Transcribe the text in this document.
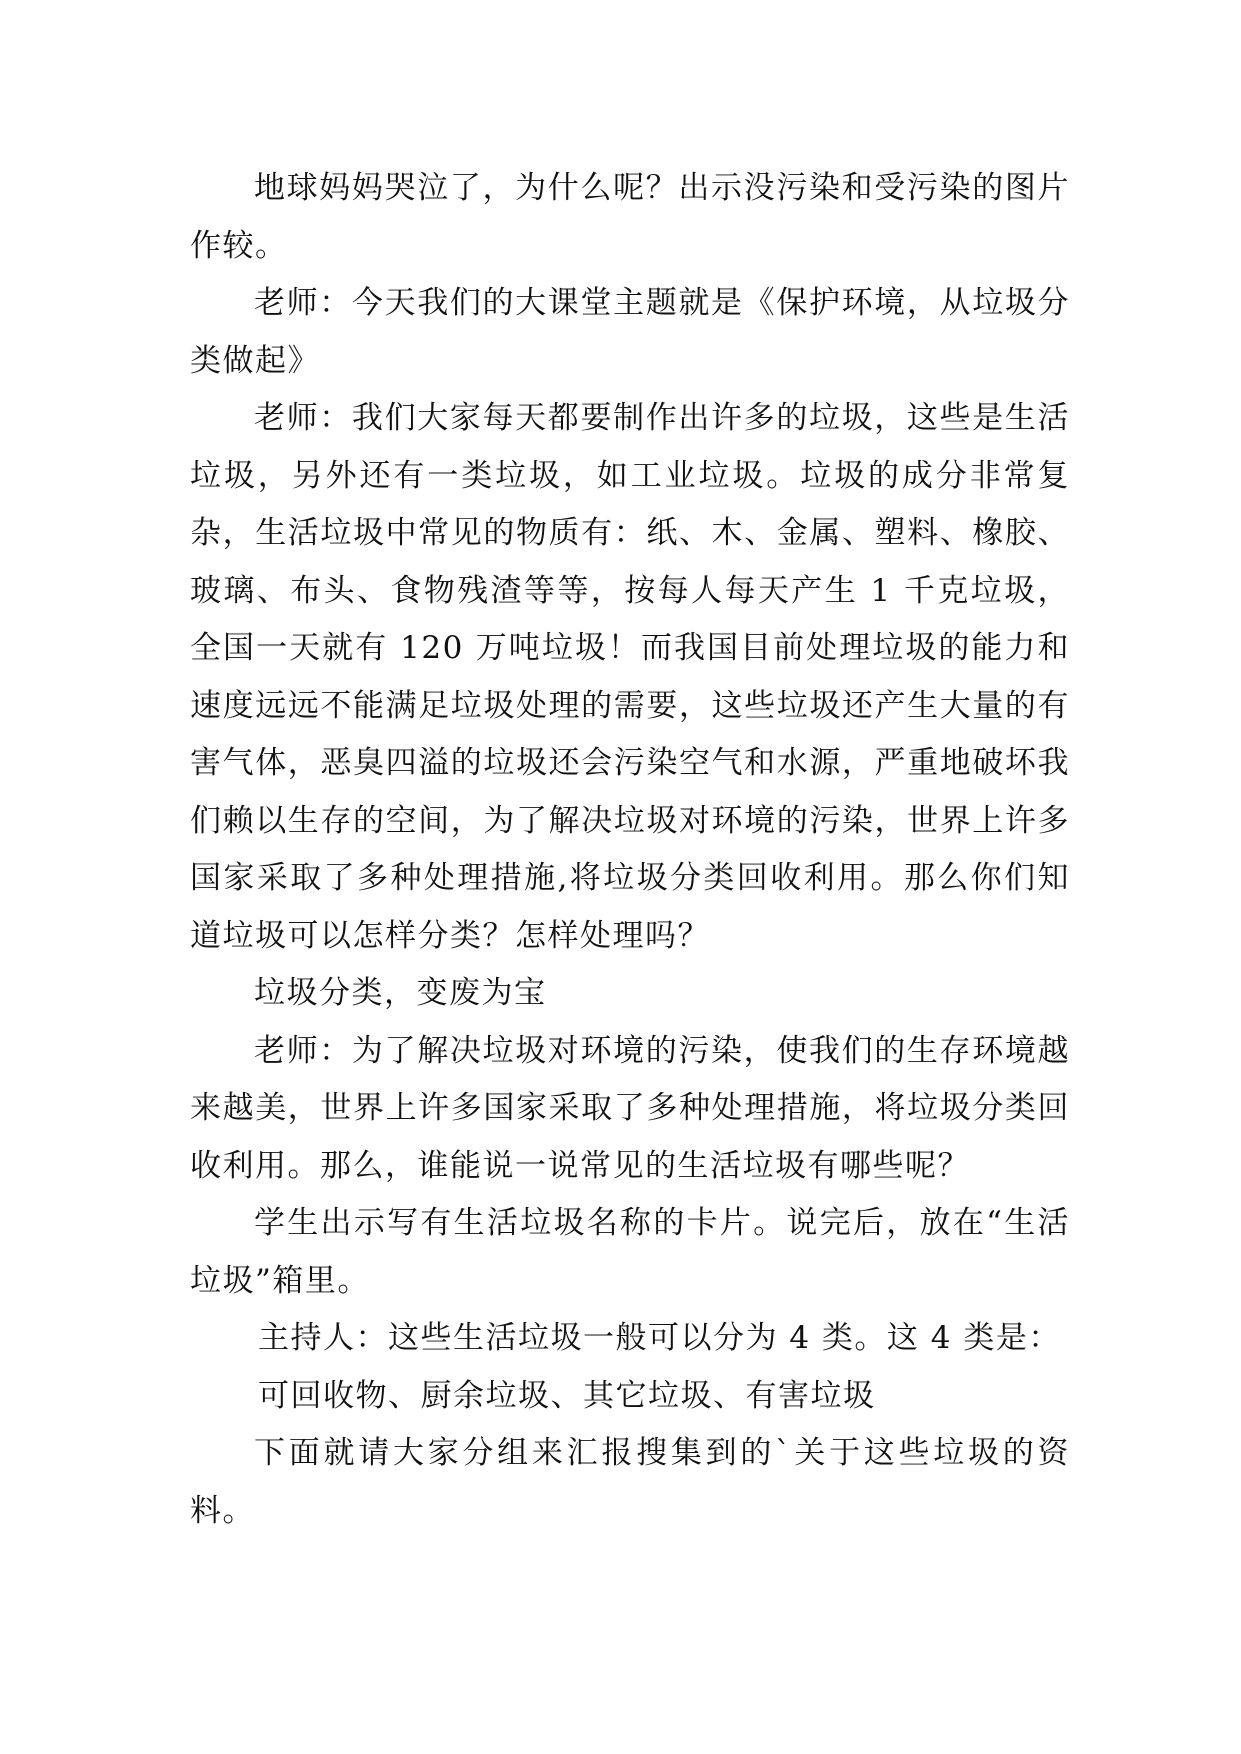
地球妈妈哭泣了，为什么呢？出示没污染和受污染的图片作较。

老师：今天我们的大课堂主题就是《保护环境，从垃圾分类做起》

老师：我们大家每天都要制作出许多的垃圾，这些是生活垃圾，另外还有一类垃圾，如工业垃圾。垃圾的成分非常复杂，生活垃圾中常见的物质有：纸、木、金属、塑料、橡胶、玻璃、布头、食物残渣等等，按每人每天产生 1 千克垃圾，全国一天就有 120 万吨垃圾！而我国目前处理垃圾的能力和速度远远不能满足垃圾处理的需要，这些垃圾还产生大量的有害气体，恶臭四溢的垃圾还会污染空气和水源，严重地破坏我们赖以生存的空间，为了解决垃圾对环境的污染，世界上许多国家采取了多种处理措施,将垃圾分类回收利用。那么你们知道垃圾可以怎样分类？怎样处理吗？

垃圾分类，变废为宝

老师：为了解决垃圾对环境的污染，使我们的生存环境越来越美，世界上许多国家采取了多种处理措施，将垃圾分类回收利用。那么，谁能说一说常见的生活垃圾有哪些呢？

学生出示写有生活垃圾名称的卡片。说完后，放在“生活垃圾”箱里。

主持人：这些生活垃圾一般可以分为 4 类。这 4 类是：

可回收物、厨余垃圾、其它垃圾、有害垃圾

下面就请大家分组来汇报搜集到的`关于这些垃圾的资料。
